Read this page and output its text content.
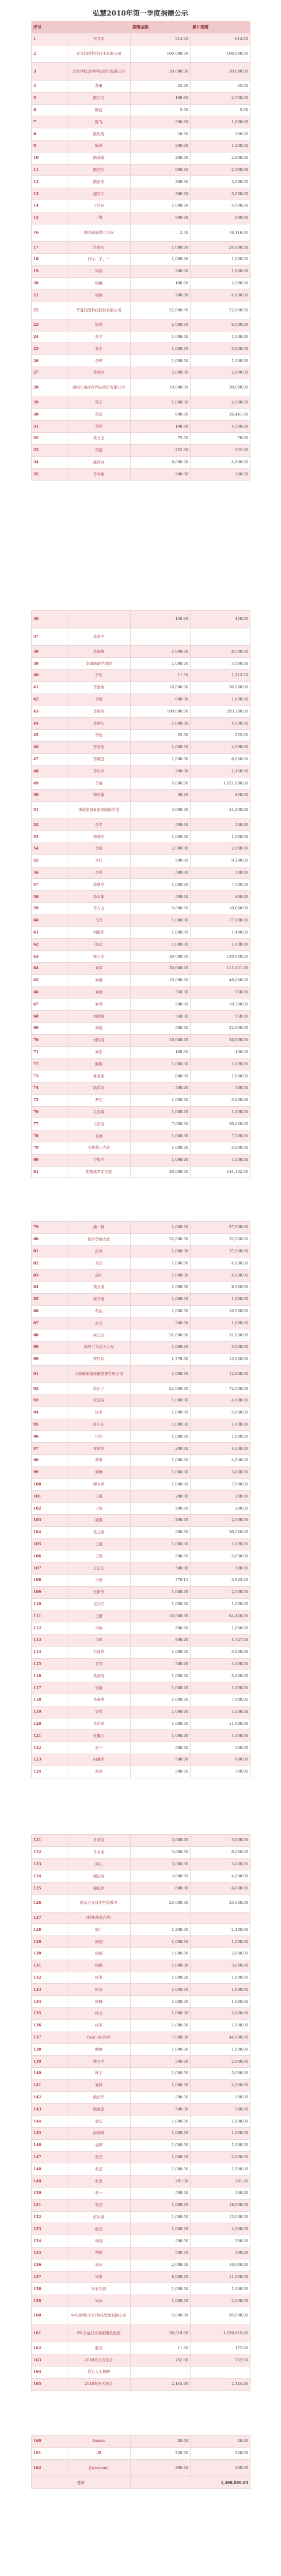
弘慧2018年第一季度捐赠公示
序号		捐赠金额	累计捐赠
1	包文军	813.00	813.00
2	北京润欣科技技术有限公司	100,000.00	100,000.00
3	北京世纪龙网科技股份有限公司	30,000.00	30,000.00
4	曹勇	25.00	25.00
5	陈兴飞	100.00	2,500.00
6	陈蓝	5.00	5.00
7	陈飞	500.00	1,000.00
8	陈凤勇	20.00	200.00
9	陈涛	200.00	1,200.00
10	陈晓敏	200.00	2,800.00
11	陈艺红	600.00	2,300.00
12	陈昌浩	300.00	3,000.00
13	谢宇宁	300.00	3,500.00
14	丁红军	1,000.00	5,000.00
15	丁馒	900.00	900.00
16	国内滴滴爱心大叔	2.00	18,116.00
17	许国庆	1,000.00	24,000.00
18	口岸、手、一	1,000.00	1,000.00
19	何明	200.00	1,000.00
20	胡桃	100.00	2,300.00
21	胡顺	200.00	4,800.00
22	华夏辰阳科技股份有限公司	22,000.00	22,000.00
23	胡成	2,000.00	6,500.00
24	张宇	1,000.00	1,000.00
25	刘宇	1,000.00	5,000.00
26	李婷	1,000.00	1,000.00
27	黄晓兵	2,000.00	2,000.00
28	湖南仁康医疗科技股份有限公司	10,000.00	30,000.00
29	郑子	1,000.00	4,000.00
30	黄瑶	600.00	26,441.00
31	黄钙	100.00	4,500.00
32	黄文玉	75.00	70.00
33	黄强	252.00	252.00
34	康喜春	8,000.00	4,800.00
35	李冬梅	200.00	200.00
36		150.00	150.00
37	李富平		
38	李海峰	1,000.00	8,500.00
39	李海峰助学组织	1,000.00	3,500.00
40	李乐	11.50	1,213.50
41	李嘉骏	16,000.00	36,000.00
42	李颖	800.00	1,800.00
43	李海明	190,000.00	293,200.00
44	李炳庆	1,000.00	4,500.00
45	李怡	25.00	225.00
46	李若瑶	1,000.00	4,000.00
47	李婉莹	1,000.00	8,000.00
48	李红平	200.00	2,150.00
49	李倩	5,000.00	1,021,090.00
50	李章敏	50.00	850.00
51	李成家庭&雷家庭助学组	3,000.00	24,000.00
52	李平	500.00	500.00
53	李晓光	1,000.00	1,000.00
54	李娟	2,000.00	2,000.00
55	李钰	500.00	9,200.00
56	李强	500.00	500.00
57	李继民	1,000.00	7,500.00
58	李永衡	500.00	800.00
59	李力力	5,000.00	10,000.00
60	马丹	1,000.00	17,000.00
61	刘俊华	1,000.00	1,400.00
62	梁武	1,000.00	1,000.00
63	梁之军	30,000.00	120,000.00
64	刘军	30,000.00	111,651.00
65	刘海	16,000.00	46,000.00
66	刘国	550.00	550.00
67	刘琴	500.00	18,700.00
68	刘刚锋	550.00	550.00
69	刘丽	500.00	22,000.00
70	刘凤涛	16,000.00	56,000.00
71	刘宇	100.00	100.00
72	柳唯	1,000.00	1,000.00
73	鲁爱菊	800.00	1,000.00
74	陆爱丽	500.00	500.00
75	罗艺	1,000.00	5,000.00
76	吕宝敏	1,000.00	1,000.00
77	马宏远	7,000.00	30,000.00
78	毛雄	1,000.00	7,500.00
79	毛雄爱心大叔	1,000.00	5,000.00
80	宁和平	1,000.00	1,000.00
81	朗阳承罗助学组	30,000.00	144,332.00
79	潘一帆	1,000.00	27,000.00
80	彼得李福大叔	32,000.00	32,000.00
81	彭章	1,000.00	37,000.00
82	齐洋	1,000.00	4,000.00
83	邱红	1,000.00	4,000.00
84	钱五湘	1,000.00	8,000.00
85	秦子砚	1,000.00	1,000.00
86	瞿山	1,000.00	10,000.00
87	汝文	500.00	1,000.00
88	荣万汉	31,000.00	31,000.00
89	深圳卫文蓝天大叔	1,000.00	5,000.00
90	宋红军	1,776.00	13,000.00
91	上海施耐德质量管理有限公司	1,000.00	12,000.00
92	苏正宁	24,000.00	72,000.00
93	宋金英	1,000.00	4,000.00
94	汤平	1,000.00	5,000.00
95	唐小东	1,000.00	1,000.00
96	田伟	1,000.00	1,000.00
97	童新良	200.00	4,200.00
98	谭翠	1,000.00	4,000.00
99	谭博	1,000.00	3,000.00
100	谭文君	1,000.00	7,000.00
101	王盛	200.00	200.00
102	王旭	200.00	200.00
103	屠海	200.00	2,000.00
104	吴之晶	500.00	30,500.00
105	王丽	1,000.00	1,000.00
106	王哲	500.00	5,000.00
107	王宏安	500.00	500.00
108	王谜	770.11	5,933.00
109	王新杰	1,000.00	2,000.00
110	王兴宇	1,000.00	1,000.00
111	王群	16,000.00	64,426.00
112	韦桥	500.00	1,000.00
113	韦晖	800.00	4,727.00
114	卫建华	1,000.00	5,000.00
115	卫翔	500.00	4,000.00
116	吴海涛	1,000.00	5,000.00
117	吴新	1,000.00	1,000.00
118	吴鑫燕	1,000.00	7,000.00
119	吴欣	1,000.00	1,000.00
120	吴乐鼎	1,000.00	11,000.00
121	伍佩山	1,000.00	1,000.00
122	吴一	500.00	500.00
123	向曦萍	500.00	800.00
124	谢莉	500.00	700.00
121	肖莉丽	3,000.00	5,000.00
122	肖永丽	3,000.00	6,000.00
123	谢礼	3,000.00	3,000.00
124	谢运高	3,000.00	4,000.00
125	谢礼仲	600.00	6,000.00
126	新东方在线中经营教育	25,000.00	25,000.00
127	(特殊普通合伙)		
128	熊广	1,200.00	2,400.00
129	杨超	1,000.00	1,000.00
130	杨婧	1,000.00	2,000.00
131	杨鹏	1,000.00	3,000.00
132	杨书	1,000.00	1,000.00
133	杨双	1,000.00	1,000.00
134	杨腾	1,000.00	1,000.00
135	杨文	1,000.00	2,000.00
136	杨平	1,000.00	1,000.00
137	Paul (英文字)	7,000.00	44,000.00
138	姚俊	1,000.00	1,000.00
139	姚义平	500.00	2,000.00
140	叶宁	1,000.00	5,000.00
141	易锋	1,000.00	4,000.00
142	殷红华	500.00	500.00
143	殷海蓝	500.00	500.00
144	俞东	1,000.00	1,000.00
145	俞海峰	1,000.00	1,000.00
146	袁国	1,000.00	1,000.00
147	张光	1,000.00	2,000.00
148	张宏	1,000.00	1,000.00
149	张勇	291.00	291.00
150	张一	500.00	500.00
151	张绍	1,000.00	18,000.00
152	赵永福	1,000.00	13,000.00
153	赵云	1,000.00	4,000.00
154	钟翔	500.00	500.00
155	钟振	500.00	500.00
156	周云	2,000.00	10,000.00
157	朱家	6,000.00	11,000.00
158	朱家大叔	1,000.00	1,000.00
159	朱林	1,000.00	2,000.00
160	中电鼎程(北京)科技发展有限公司	5,000.00	95,000.00
161	99 公益日众筹捐赠及配捐	38,519.00	1,539,915.00
162	匿名	11.00	172.00
163	2018年无名年会	752.00	752.00
164	爱心人士捐赠		
165	2018年无名年会	2,144.00	2,144.00
160	Bonnie	20.00	20.00
161	dll	220.00	220.00
162	Joycepeng	300.00	300.00
合计		1,498,869.85	
